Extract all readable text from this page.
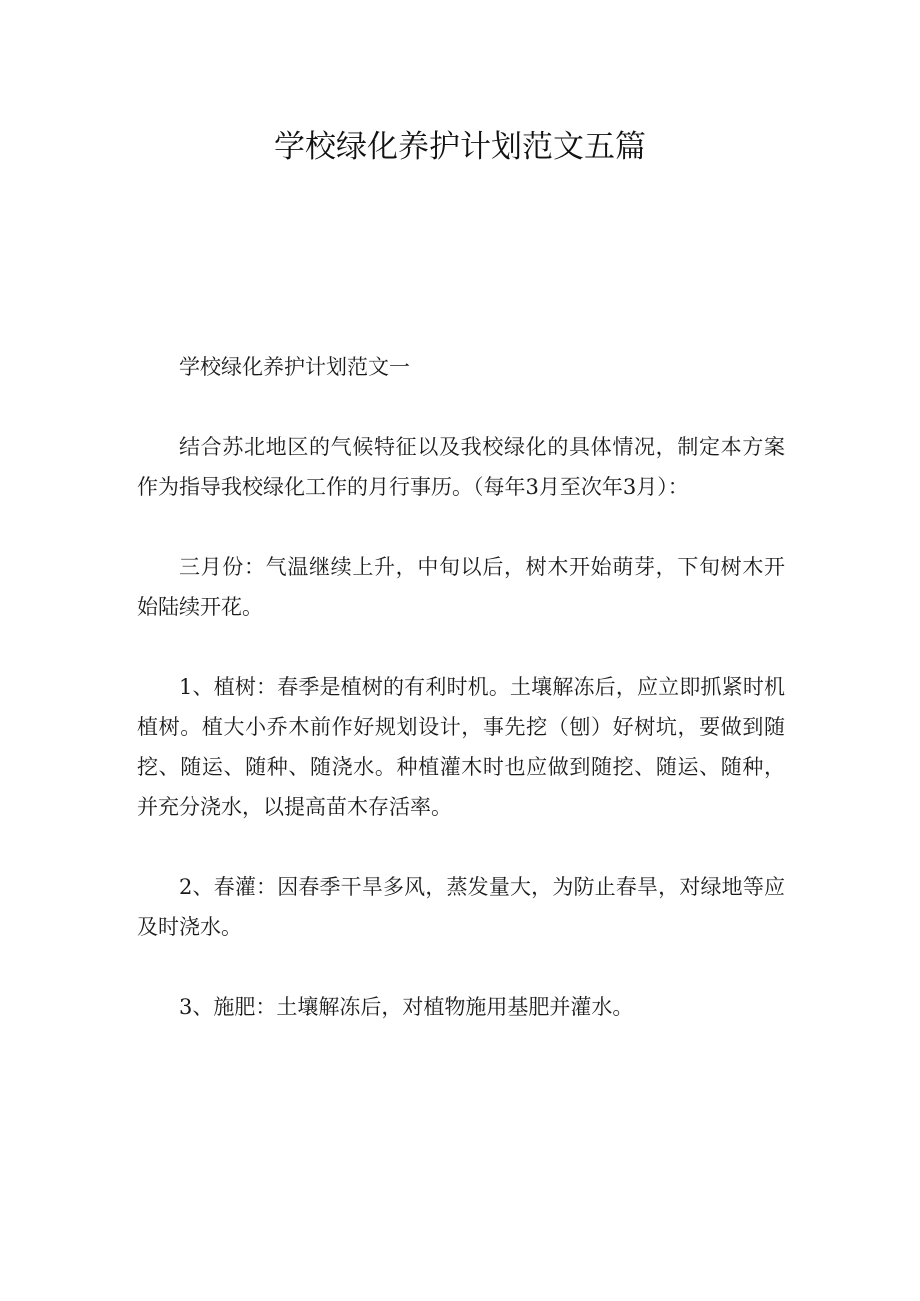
学校绿化养护计划范文五篇

学校绿化养护计划范文一

结合苏北地区的气候特征以及我校绿化的具体情况，制定本方案作为指导我校绿化工作的月行事历。（每年3月至次年3月）：

三月份：气温继续上升，中旬以后，树木开始萌芽，下旬树木开始陆续开花。

1、植树：春季是植树的有利时机。土壤解冻后，应立即抓紧时机植树。植大小乔木前作好规划设计，事先挖（刨）好树坑，要做到随挖、随运、随种、随浇水。种植灌木时也应做到随挖、随运、随种，并充分浇水，以提高苗木存活率。

2、春灌：因春季干旱多风，蒸发量大，为防止春旱，对绿地等应及时浇水。

3、施肥：土壤解冻后，对植物施用基肥并灌水。
